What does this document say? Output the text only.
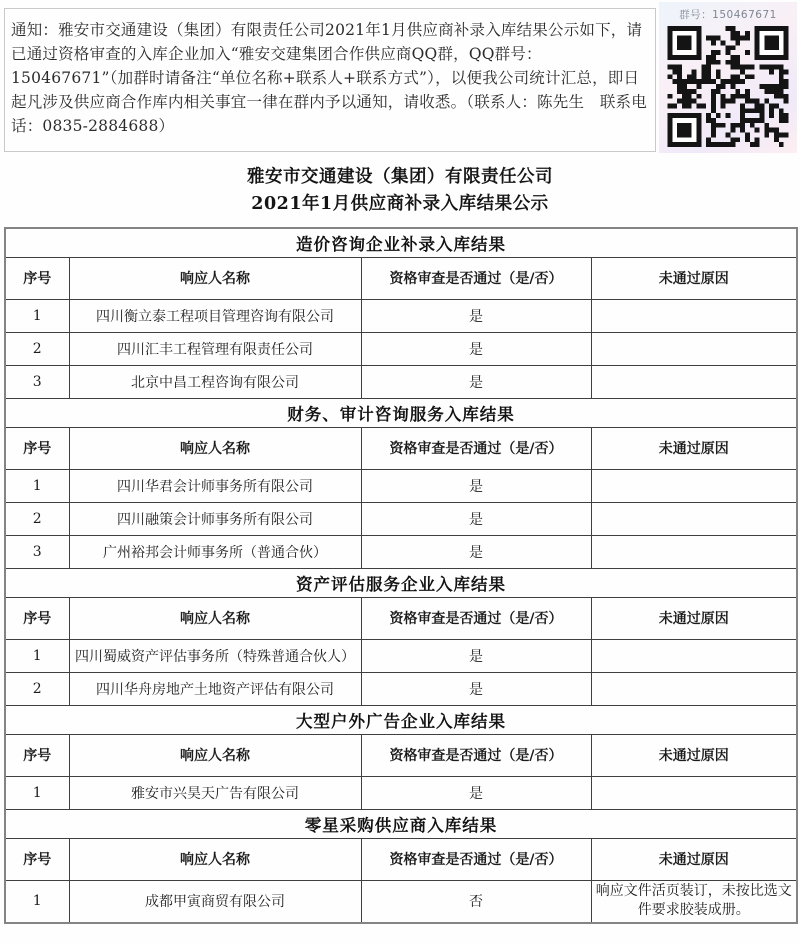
通知：雅安市交通建设（集团）有限责任公司2021年1月供应商补录入库结果公示如下，请已通过资格审查的入库企业加入“雅安交建集团合作供应商QQ群，QQ群号：150467671”（加群时请备注“单位名称+联系人+联系方式”），以便我公司统计汇总，即日起凡涉及供应商合作库内相关事宜一律在群内予以通知，请收悉。（联系人：陈先生　联系电话：0835-2884688）
群号：150467671
雅安市交通建设（集团）有限责任公司
2021年1月供应商补录入库结果公示
造价咨询企业补录入库结果			
序号	响应人名称	资格审查是否通过（是/否）	未通过原因
1	四川衡立泰工程项目管理咨询有限公司	是	
2	四川汇丰工程管理有限责任公司	是	
3	北京中昌工程咨询有限公司	是	
财务、审计咨询服务入库结果			
序号	响应人名称	资格审查是否通过（是/否）	未通过原因
1	四川华君会计师事务所有限公司	是	
2	四川融策会计师事务所有限公司	是	
3	广州裕邦会计师事务所（普通合伙）	是	
资产评估服务企业入库结果			
序号	响应人名称	资格审查是否通过（是/否）	未通过原因
1	四川蜀威资产评估事务所（特殊普通合伙人）	是	
2	四川华舟房地产土地资产评估有限公司	是	
大型户外广告企业入库结果			
序号	响应人名称	资格审查是否通过（是/否）	未通过原因
1	雅安市兴昊天广告有限公司	是	
零星采购供应商入库结果			
序号	响应人名称	资格审查是否通过（是/否）	未通过原因
1	成都甲寅商贸有限公司	否	响应文件活页装订，未按比选文件要求胶装成册。
